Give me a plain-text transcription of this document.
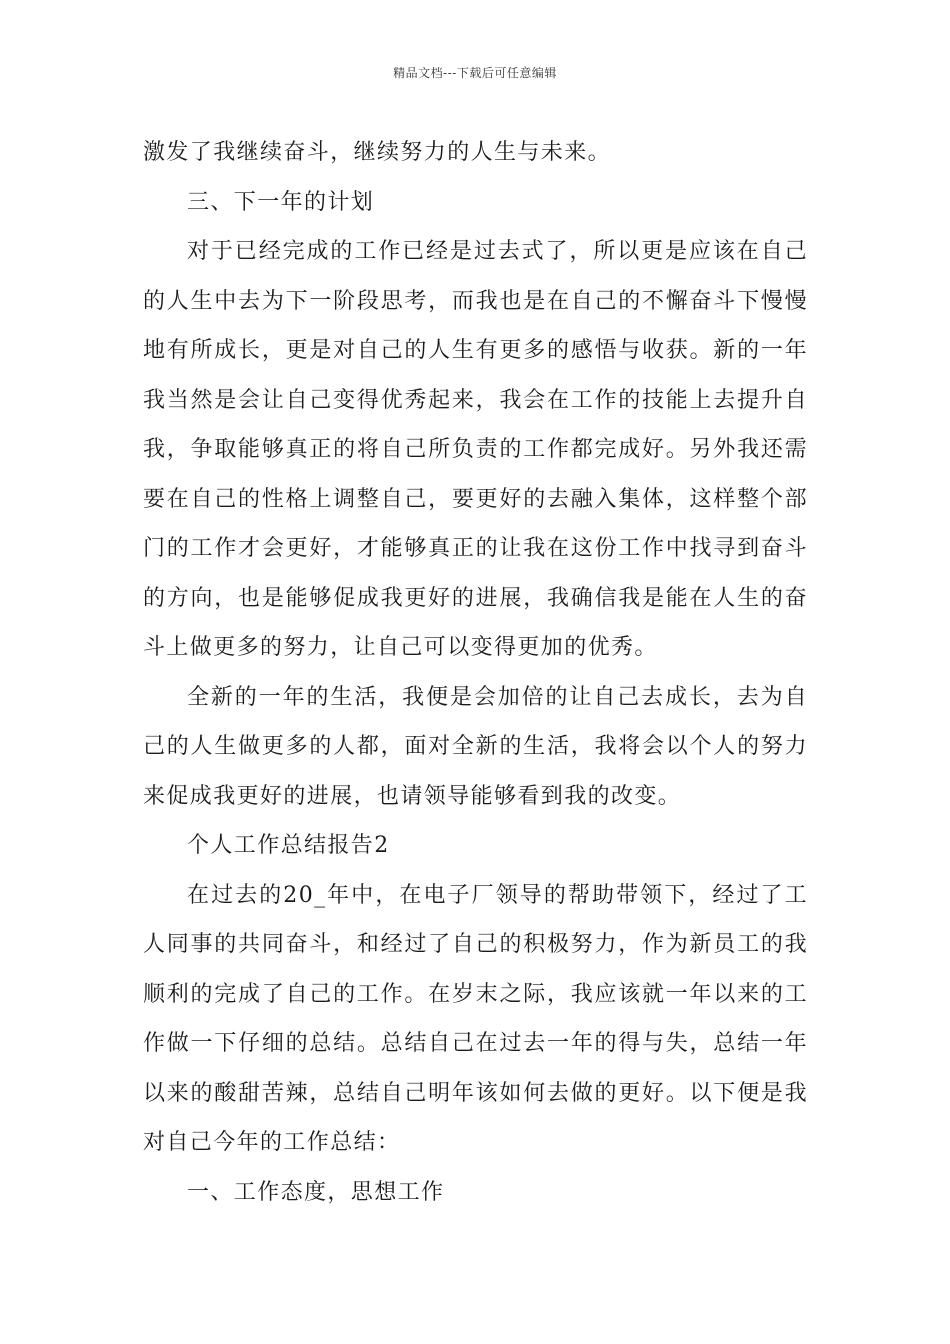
精品文档---下载后可任意编辑

激发了我继续奋斗，继续努力的人生与未来。

三、下一年的计划

对于已经完成的工作已经是过去式了，所以更是应该在自己的人生中去为下一阶段思考，而我也是在自己的不懈奋斗下慢慢地有所成长，更是对自己的人生有更多的感悟与收获。新的一年我当然是会让自己变得优秀起来，我会在工作的技能上去提升自我，争取能够真正的将自己所负责的工作都完成好。另外我还需要在自己的性格上调整自己，要更好的去融入集体，这样整个部门的工作才会更好，才能够真正的让我在这份工作中找寻到奋斗的方向，也是能够促成我更好的进展，我确信我是能在人生的奋斗上做更多的努力，让自己可以变得更加的优秀。

全新的一年的生活，我便是会加倍的让自己去成长，去为自己的人生做更多的人都，面对全新的生活，我将会以个人的努力来促成我更好的进展，也请领导能够看到我的改变。

个人工作总结报告2

在过去的20_年中，在电子厂领导的帮助带领下，经过了工人同事的共同奋斗，和经过了自己的积极努力，作为新员工的我顺利的完成了自己的工作。在岁末之际，我应该就一年以来的工作做一下仔细的总结。总结自己在过去一年的得与失，总结一年以来的酸甜苦辣，总结自己明年该如何去做的更好。以下便是我对自己今年的工作总结：

一、工作态度，思想工作
